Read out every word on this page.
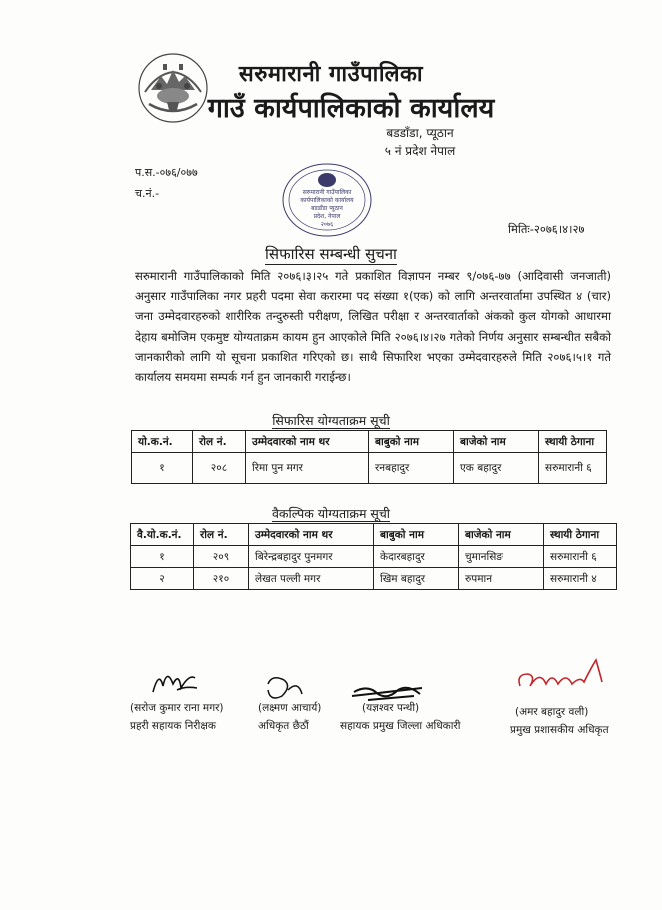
सरुमारानी गाउँपालिका
गाउँ कार्यपालिकाको कार्यालय
बडडाँडा, प्यूठान
५ नं प्रदेश नेपाल
प.स.-०७६/०७७
च.नं.-	सरुमारानी गाउँपालिका
कार्यपालिकाको कार्यालय
बडडाँडा प्यूठान
प्रदेश, नेपाल
२०७६	मितिः-२०७६।४।२७
सिफारिस सम्बन्धी सुचना
सरुमारानी गाउँपालिकाको मिति २०७६।३।२५ गते प्रकाशित विज्ञापन नम्बर ९/०७६-७७ (आदिवासी जनजाती) अनुसार गाउँपालिका नगर प्रहरी पदमा सेवा करारमा पद संख्या १(एक) को लागि अन्तरवार्तामा उपस्थित ४ (चार) जना उम्मेदवारहरुको शारीरिक तन्दुरुस्ती परीक्षण, लिखित परीक्षा र अन्तरवार्ताको अंकको कुल योगको आधारमा देहाय बमोजिम एकमुष्ट योग्यताक्रम कायम हुन आएकोले मिति २०७६।४।२७ गतेको निर्णय अनुसार सम्बन्धीत सबैको जानकारीको लागि यो सूचना प्रकाशित गरिएको छ। साथै सिफारिश भएका उम्मेदवारहरुले मिति २०७६।५।१ गते कार्यालय समयमा सम्पर्क गर्न हुन जानकारी गराईन्छ।
सिफारिस योग्यताक्रम सूची
यो.क.नं.	रोल नं.	उम्मेदवारको नाम थर	बाबुको नाम	बाजेको नाम	स्थायी ठेगाना
१	२०८	रिमा पुन मगर	रनबहादुर	एक बहादुर	सरुमारानी ६
वैकल्पिक योग्यताक्रम सूची
वै.यो.क.नं.	रोल नं.	उम्मेदवारको नाम थर	बाबुको नाम	बाजेको नाम	स्थायी ठेगाना
१	२०९	बिरेन्द्रबहादुर पुनमगर	केदारबहादुर	चुमानसिङ	सरुमारानी ६
२	२१०	लेखत पल्ली मगर	खिम बहादुर	रुपमान	सरुमारानी ४
(सरोज कुमार राना मगर)
प्रहरी सहायक निरीक्षक
(लक्ष्मण आचार्य)
अधिकृत छैठौं
(यज्ञश्वर पन्थी)
सहायक प्रमुख जिल्ला अधिकारी
(अमर बहादुर वली)
प्रमुख प्रशासकीय अधिकृत
